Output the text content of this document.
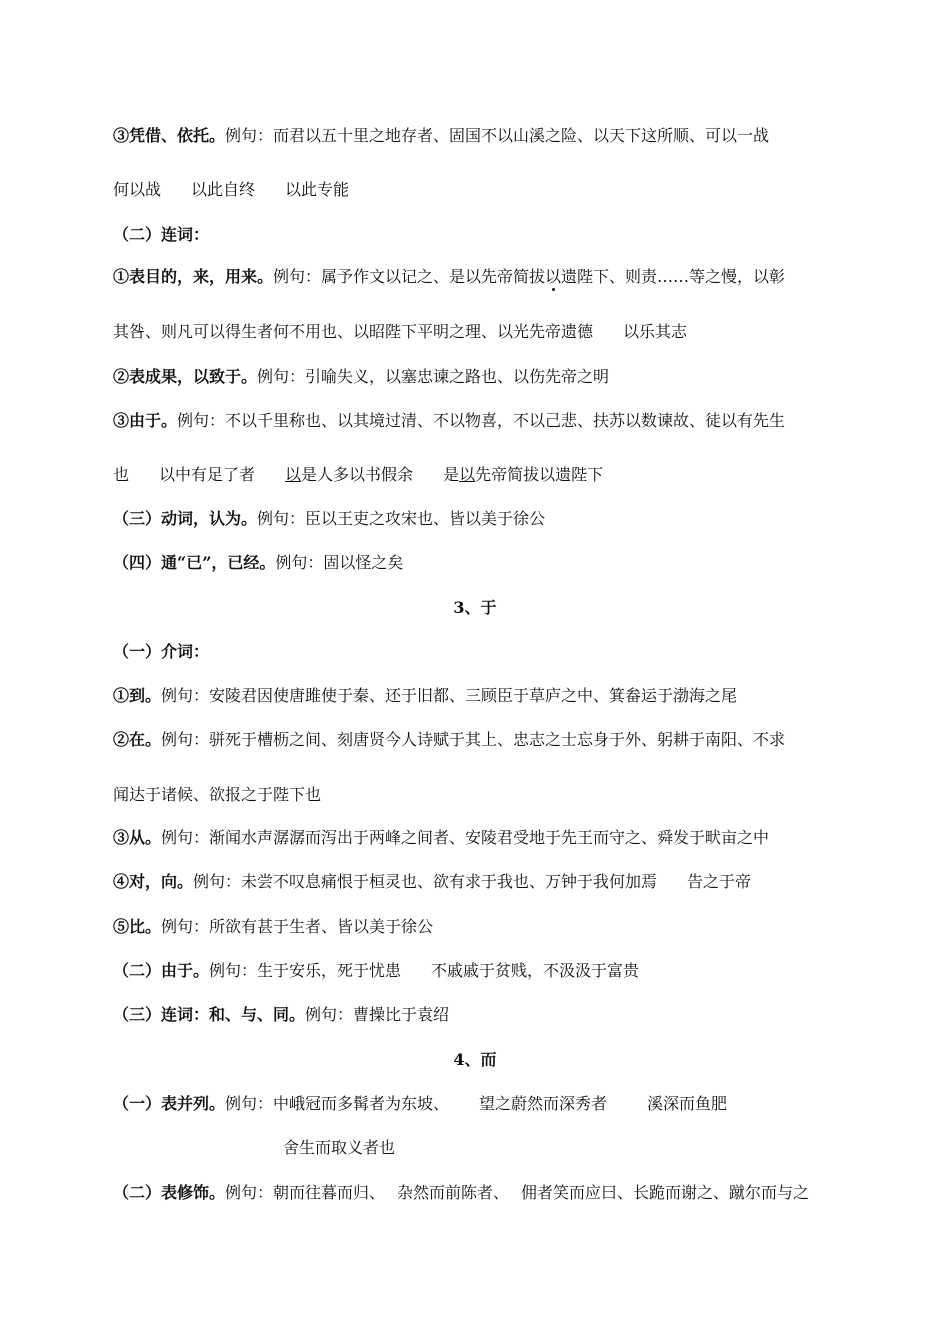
③凭借、依托。例句：而君以五十里之地存者、固国不以山溪之险、以天下这所顺、可以一战
何以战 以此自终 以此专能
（二）连词：
①表目的，来，用来。例句：属予作文以记之、是以先帝简拔以遗陛下、则责……等之慢，以彰
其咎、则凡可以得生者何不用也、以昭陛下平明之理、以光先帝遗德 以乐其志
②表成果，以致于。例句：引喻失义，以塞忠谏之路也、以伤先帝之明
③由于。例句：不以千里称也、以其境过清、不以物喜，不以己悲、扶苏以数谏故、徒以有先生
也 以中有足了者 以是人多以书假余 是以先帝简拔以遗陛下
（三）动词，认为。例句：臣以王吏之攻宋也、皆以美于徐公
（四）通“已”，已经。例句：固以怪之矣
3、于
（一）介词：
①到。例句：安陵君因使唐雎使于秦、还于旧都、三顾臣于草庐之中、箕畚运于渤海之尾
②在。例句：骈死于槽枥之间、刻唐贤今人诗赋于其上、忠志之士忘身于外、躬耕于南阳、不求
闻达于诸候、欲报之于陛下也
③从。例句：渐闻水声潺潺而泻出于两峰之间者、安陵君受地于先王而守之、舜发于畎亩之中
④对，向。例句：未尝不叹息痛恨于桓灵也、欲有求于我也、万钟于我何加焉 告之于帝
⑤比。例句：所欲有甚于生者、皆以美于徐公
（二）由于。例句：生于安乐，死于忧患 不戚戚于贫贱，不汲汲于富贵
（三）连词：和、与、同。例句：曹操比于袁绍
4、而
（一）表并列。例句：中峨冠而多髯者为东坡、 望之蔚然而深秀者	溪深而鱼肥
舍生而取义者也
（二）表修饰。例句：朝而往暮而归、 杂然而前陈者、 佣者笑而应曰、长跪而谢之、蹴尔而与之
